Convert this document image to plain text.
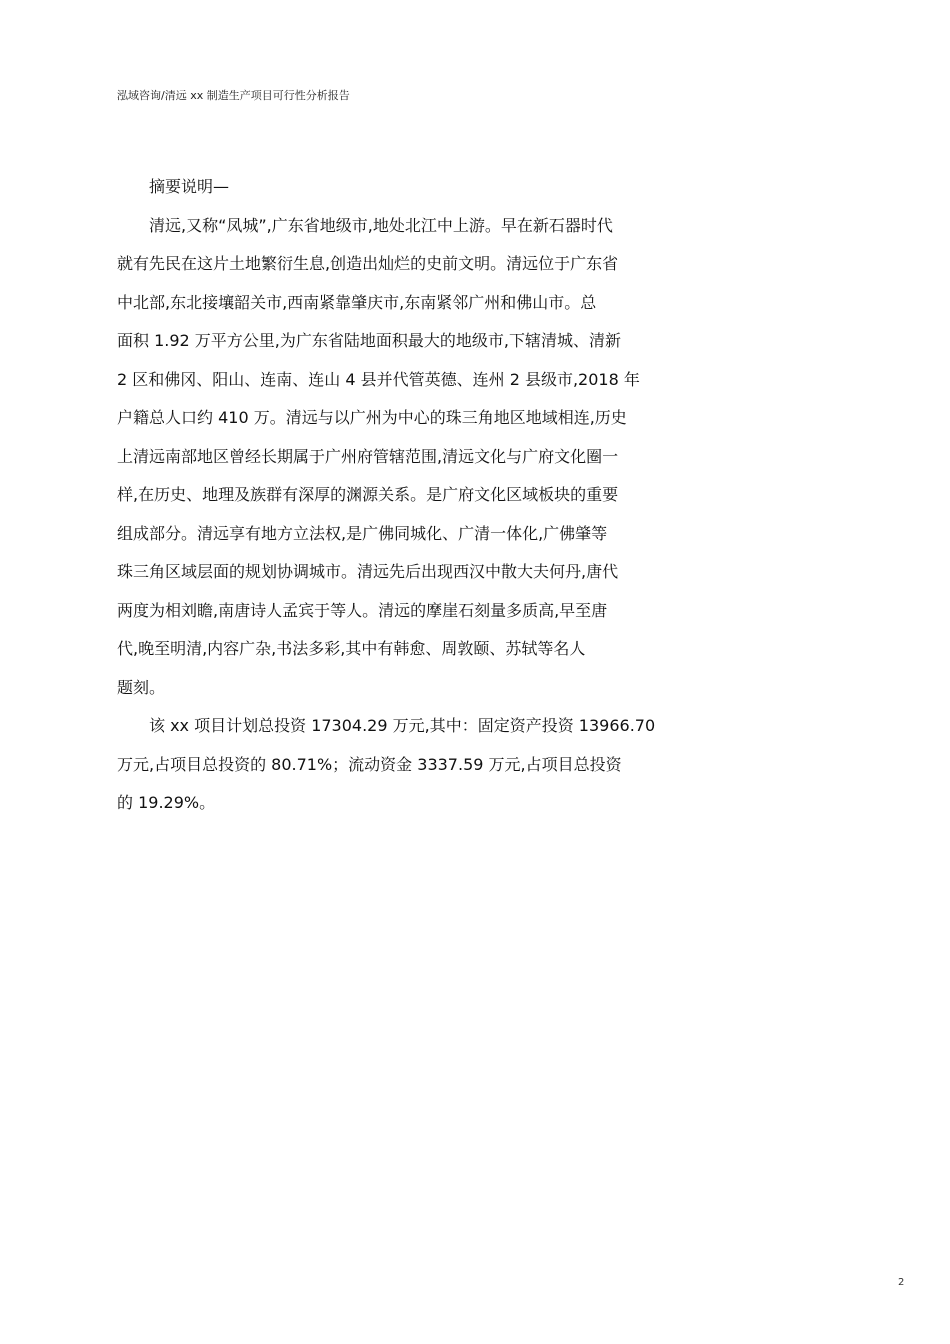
泓域咨询/清远 xx 制造生产项目可行性分析报告
摘要说明—
清远,又称“凤城”,广东省地级市,地处北江中上游。早在新石器时代
就有先民在这片土地繁衍生息,创造出灿烂的史前文明。清远位于广东省
中北部,东北接壤韶关市,西南紧靠肇庆市,东南紧邻广州和佛山市。总
面积 1.92 万平方公里,为广东省陆地面积最大的地级市,下辖清城、清新
2 区和佛冈、阳山、连南、连山 4 县并代管英德、连州 2 县级市,2018 年
户籍总人口约 410 万。清远与以广州为中心的珠三角地区地域相连,历史
上清远南部地区曾经长期属于广州府管辖范围,清远文化与广府文化圈一
样,在历史、地理及族群有深厚的渊源关系。是广府文化区域板块的重要
组成部分。清远享有地方立法权,是广佛同城化、广清一体化,广佛肇等
珠三角区域层面的规划协调城市。清远先后出现西汉中散大夫何丹,唐代
两度为相刘瞻,南唐诗人孟宾于等人。清远的摩崖石刻量多质高,早至唐
代,晚至明清,内容广杂,书法多彩,其中有韩愈、周敦颐、苏轼等名人
题刻。
该 xx 项目计划总投资 17304.29 万元,其中：固定资产投资 13966.70
万元,占项目总投资的 80.71%；流动资金 3337.59 万元,占项目总投资
的 19.29%。
2
